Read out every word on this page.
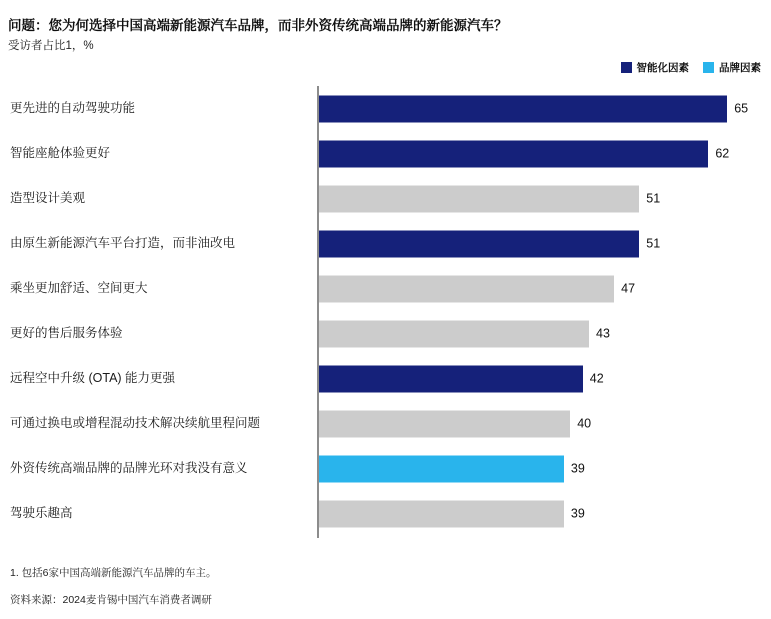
问题：您为何选择中国高端新能源汽车品牌，而非外资传统高端品牌的新能源汽车？
受访者占比1，%
智能化因素	品牌因素
更先进的自动驾驶功能	65
智能座舱体验更好	62
造型设计美观	51
由原生新能源汽车平台打造，而非油改电	51
乘坐更加舒适、空间更大	47
更好的售后服务体验	43
远程空中升级 (OTA) 能力更强	42
可通过换电或增程混动技术解决续航里程问题	40
外资传统高端品牌的品牌光环对我没有意义	39
驾驶乐趣高	39
1. 包括6家中国高端新能源汽车品牌的车主。
资料来源：2024麦肯锡中国汽车消费者调研
